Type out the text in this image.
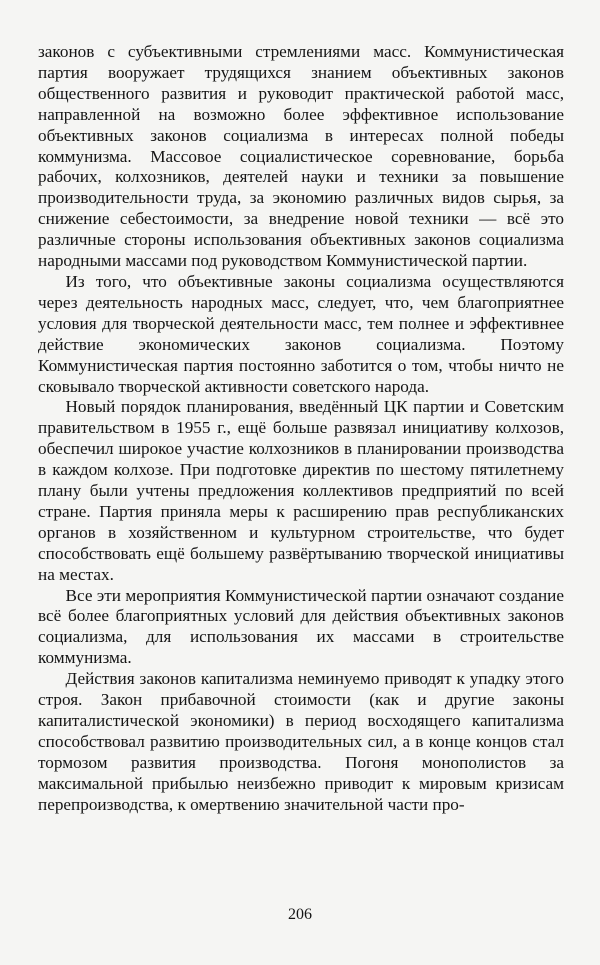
законов с субъективными стремлениями масс. Коммунистическая партия вооружает трудящихся знанием объективных законов общественного развития и руководит практической работой масс, направленной на возможно более эффективное использование объективных законов социализма в интересах полной победы коммунизма. Массовое социалистическое соревнование, борьба рабочих, колхозников, деятелей науки и техники за повышение производительности труда, за экономию различных видов сырья, за снижение себестоимости, за внедрение новой техники — всё это различные стороны использования объективных законов социализма народными массами под руководством Коммунистической партии.

Из того, что объективные законы социализма осуществляются через деятельность народных масс, следует, что, чем благоприятнее условия для творческой деятельности масс, тем полнее и эффективнее действие экономических законов социализма. Поэтому Коммунистическая партия постоянно заботится о том, чтобы ничто не сковывало творческой активности советского народа.

Новый порядок планирования, введённый ЦК партии и Советским правительством в 1955 г., ещё больше развязал инициативу колхозов, обеспечил широкое участие колхозников в планировании производства в каждом колхозе. При подготовке директив по шестому пятилетнему плану были учтены предложения коллективов предприятий по всей стране. Партия приняла меры к расширению прав республиканских органов в хозяйственном и культурном строительстве, что будет способствовать ещё большему развёртыванию творческой инициативы на местах.

Все эти мероприятия Коммунистической партии означают создание всё более благоприятных условий для действия объективных законов социализма, для использования их массами в строительстве коммунизма.

Действия законов капитализма неминуемо приводят к упадку этого строя. Закон прибавочной стоимости (как и другие законы капиталистической экономики) в период восходящего капитализма способствовал развитию производительных сил, а в конце концов стал тормозом развития производства. Погоня монополистов за максимальной прибылью неизбежно приводит к мировым кризисам перепроизводства, к омертвению значительной части про-

206
